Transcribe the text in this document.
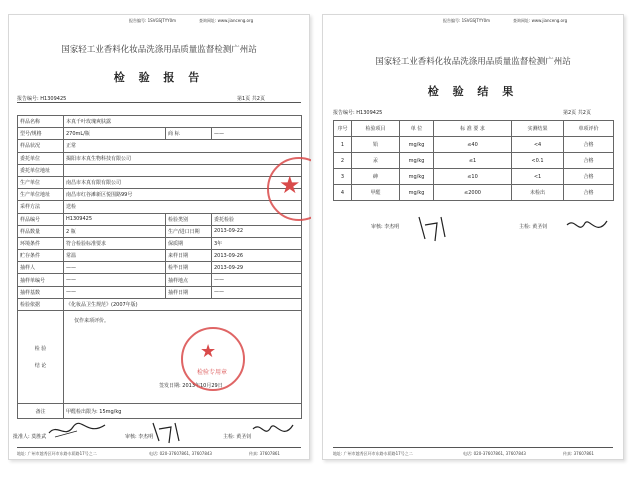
报告编号: 1SVGSJTYY0m	查询网址: www.jianceng.org
国家轻工业香料化妆品洗涤用品质量监督检测广州站
检 验 报 告
报告编号: H1309425	第1页 共2页
样品名称	本真千叶玫瑰爽肤露		
型号/规格	270mL/瓶	商 标	——
样品状况	正常		
委托单位	揭阳市本真生物科技有限公司		
委托单位地址			
生产单位	南昌市本真有限有限公司		
生产单位地址	南昌市红谷滩新区悦围路99号		
采样方法	送检		
样品编号	H1309425	检验类别	委托检验
样品数量	2 瓶	生产/进口日期	2013-09-22
环境条件	符合检验标准要求	保质期	3年
贮存条件	常温	来样日期	2013-09-26
抽样人	——	检毕日期	2013-09-29
抽样单编号	——	抽样地点	——
抽样基数	——	抽样日期	——
检验依据	《化妆品卫生规范》(2007年版)		

检 验
结 论	仅作来项评价。		

备注	甲醛检出限为: 15mg/kg		
签发日期: 2013年10月29日
★
★
检验专用章
批准人: 莫胜武	审核: 李杰明	主检: 黄圣钊
地址: 广州市越秀区环市东路水荫路17号之二	电话: 020-37607861, 37607843	传真: 37607861
报告编号: 1SVGSJTYY0m	查询网址: www.jianceng.org
国家轻工业香料化妆品洗涤用品质量监督检测广州站
检 验 结 果
报告编号: H1309425	第2页 共2页
序号	检验项目	单 位	标 准 要 求	实测结果	单项评价
1	铅	mg/kg	≤40	<4	合格
2	汞	mg/kg	≤1	<0.1	合格
3	砷	mg/kg	≤10	<1	合格
4	甲醛	mg/kg	≤2000	未检出	合格
审核: 李杰明	主检: 黄圣钊
地址: 广州市越秀区环市东路水荫路17号之二	电话: 020-37607861, 37607843	传真: 37607861
